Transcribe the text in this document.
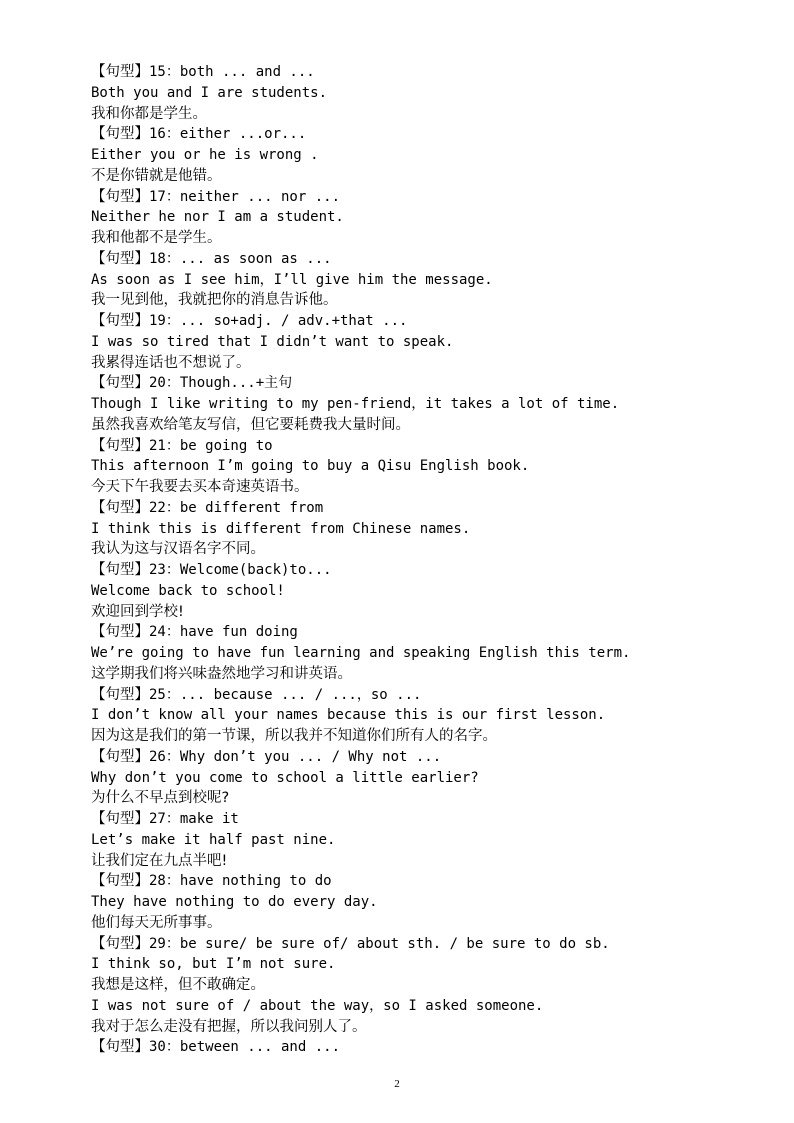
【句型】15：both ... and ...
Both you and I are students.
我和你都是学生。
【句型】16：either ...or...
Either you or he is wrong .
不是你错就是他错。
【句型】17：neither ... nor ...
Neither he nor I am a student.
我和他都不是学生。
【句型】18：... as soon as ...
As soon as I see him，I’ll give him the message.
我一见到他，我就把你的消息告诉他。
【句型】19：... so+adj. / adv.+that ...
I was so tired that I didn’t want to speak.
我累得连话也不想说了。
【句型】20：Though...+主句
Though I like writing to my pen-friend，it takes a lot of time.
虽然我喜欢给笔友写信，但它要耗费我大量时间。
【句型】21：be going to
This afternoon I’m going to buy a Qisu English book.
今天下午我要去买本奇速英语书。
【句型】22：be different from
I think this is different from Chinese names.
我认为这与汉语名字不同。
【句型】23：Welcome(back)to...
Welcome back to school!
欢迎回到学校!
【句型】24：have fun doing
We’re going to have fun learning and speaking English this term.
这学期我们将兴味盎然地学习和讲英语。
【句型】25：... because ... / ...，so ...
I don’t know all your names because this is our first lesson.
因为这是我们的第一节课，所以我并不知道你们所有人的名字。
【句型】26：Why don’t you ... / Why not ...
Why don’t you come to school a little earlier?
为什么不早点到校呢?
【句型】27：make it
Let’s make it half past nine.
让我们定在九点半吧!
【句型】28：have nothing to do
They have nothing to do every day.
他们每天无所事事。
【句型】29：be sure/ be sure of/ about sth. / be sure to do sb.
I think so, but I’m not sure.
我想是这样，但不敢确定。
I was not sure of / about the way，so I asked someone.
我对于怎么走没有把握，所以我问别人了。
【句型】30：between ... and ...
2
